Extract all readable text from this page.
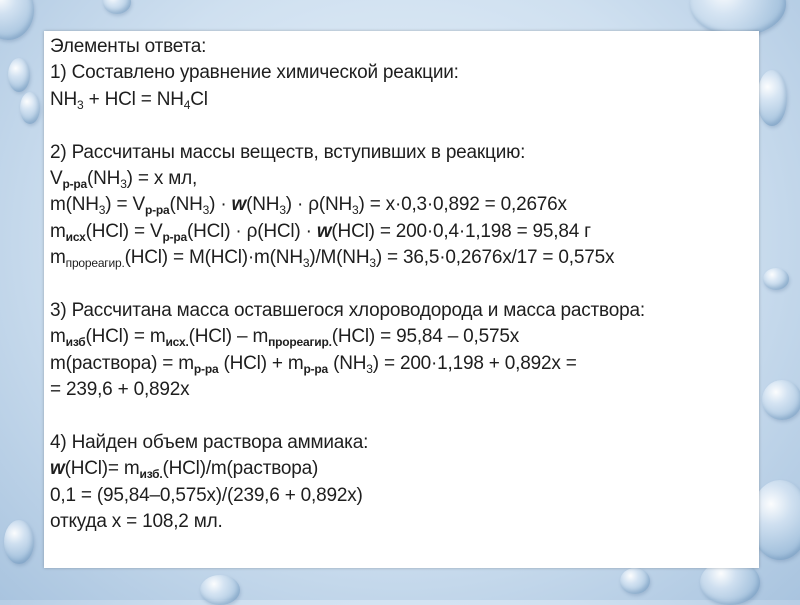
Элементы ответа:
1) Составлено уравнение химической реакции:
$NH_3$ + HCl = $NH_4Cl$
2) Рассчитаны массы веществ, вступивших в реакцию:
$V_{р-ра}(NH_3) = x$ мл,
$m(NH_3) = V_{р-ра}(NH_3) \cdot w(NH_3) \cdot \rho(NH_3) = x\cdot 0,3\cdot 0,892 = 0,2676x$
$m_{исх}(HCl) = V_{р-ра}(HCl) \cdot \rho(HCl) \cdot w(HCl) = 200\cdot 0,4\cdot 1,198 = 95,84$ г
$m_{прореагир.}(HCl) = M(HCl)\cdot m(NH_3)/M(NH_3) = 36,5\cdot 0,2676x/17 = 0,575x$
3) Рассчитана масса оставшегося хлороводорода и масса раствора:
$m_{изб}(HCl) = m_{исх.}(HCl) - m_{прореагир.}(HCl) = 95,84 - 0,575x$
m(раствора) = $m_{р-ра}$ $(HCl) + m_{р-ра}$ $(NH_3) = 200\cdot 1,198 + 0,892x$ =
= 239,6 + 0,892x
4) Найден объем раствора аммиака:
$w(HCl)= m_{изб.}(HCl)/m(раствора)$
0,1 = (95,84–0,575x)/(239,6 + 0,892x)
откуда x = 108,2 мл.
